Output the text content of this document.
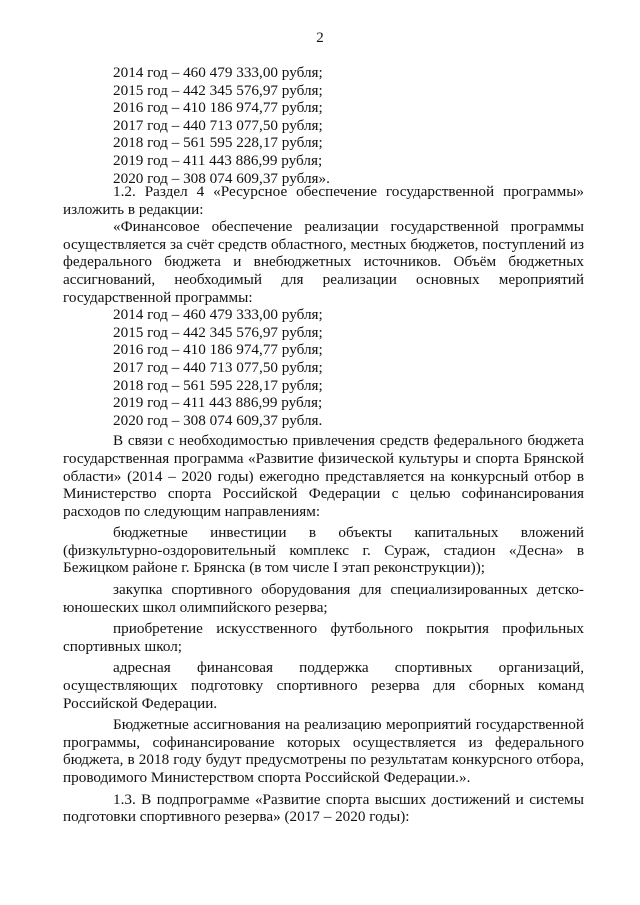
2
2014 год – 460 479 333,00 рубля;
2015 год – 442 345 576,97 рубля;
2016 год – 410 186 974,77 рубля;
2017 год – 440 713 077,50 рубля;
2018 год – 561 595 228,17 рубля;
2019 год – 411 443 886,99 рубля;
2020 год – 308 074 609,37 рубля».

1.2. Раздел 4 «Ресурсное обеспечение государственной программы» изложить в редакции:

«Финансовое обеспечение реализации государственной программы осуществляется за счёт средств областного, местных бюджетов, поступлений из федерального бюджета и внебюджетных источников. Объём бюджетных ассигнований, необходимый для реализации основных мероприятий государственной программы:

2014 год – 460 479 333,00 рубля;
2015 год – 442 345 576,97 рубля;
2016 год – 410 186 974,77 рубля;
2017 год – 440 713 077,50 рубля;
2018 год – 561 595 228,17 рубля;
2019 год – 411 443 886,99 рубля;
2020 год – 308 074 609,37 рубля.

В связи с необходимостью привлечения средств федерального бюджета государственная программа «Развитие физической культуры и спорта Брянской области» (2014 – 2020 годы) ежегодно представляется на конкурсный отбор в Министерство спорта Российской Федерации с целью софинансирования расходов по следующим направлениям:

бюджетные инвестиции в объекты капитальных вложений (физкультурно-оздоровительный комплекс г. Сураж, стадион «Десна» в Бежицком районе г. Брянска (в том числе I этап реконструкции));

закупка спортивного оборудования для специализированных детско-юношеских школ олимпийского резерва;

приобретение искусственного футбольного покрытия профильных спортивных школ;

адресная финансовая поддержка спортивных организаций, осуществляющих подготовку спортивного резерва для сборных команд Российской Федерации.

Бюджетные ассигнования на реализацию мероприятий государственной программы, софинансирование которых осуществляется из федерального бюджета, в 2018 году будут предусмотрены по результатам конкурсного отбора, проводимого Министерством спорта Российской Федерации.».

1.3. В подпрограмме «Развитие спорта высших достижений и системы подготовки спортивного резерва» (2017 – 2020 годы):
